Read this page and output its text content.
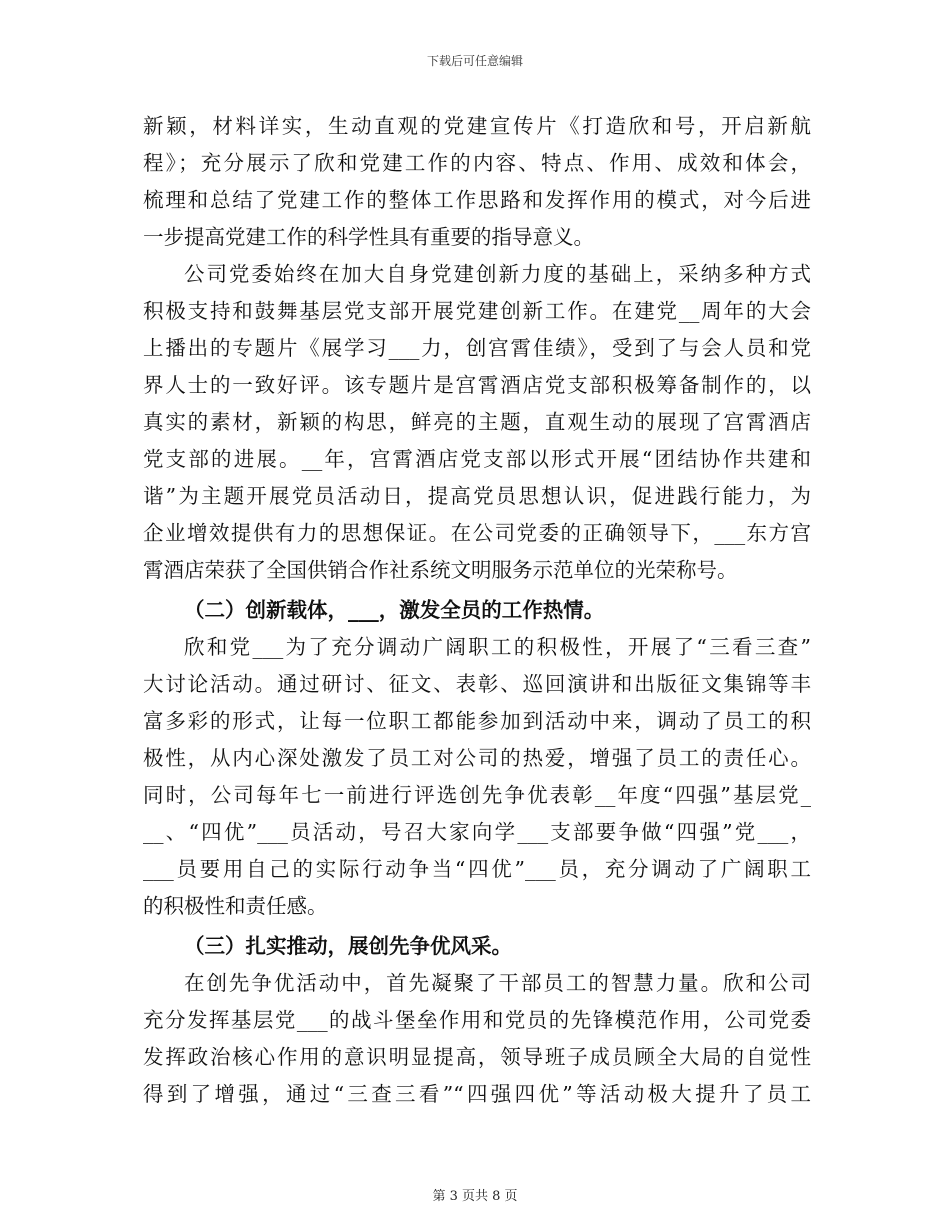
下载后可任意编辑
新颖，材料详实，生动直观的党建宣传片《打造欣和号，开启新航
程》；充分展示了欣和党建工作的内容、特点、作用、成效和体会，
梳理和总结了党建工作的整体工作思路和发挥作用的模式，对今后进
一步提高党建工作的科学性具有重要的指导意义。
公司党委始终在加大自身党建创新力度的基础上，采纳多种方式
积极支持和鼓舞基层党支部开展党建创新工作。在建党__周年的大会
上播出的专题片《展学习___力，创宫霄佳绩》，受到了与会人员和党
界人士的一致好评。该专题片是宫霄酒店党支部积极筹备制作的，以
真实的素材，新颖的构思，鲜亮的主题，直观生动的展现了宫霄酒店
党支部的进展。__年，宫霄酒店党支部以形式开展“团结协作共建和
谐”为主题开展党员活动日，提高党员思想认识，促进践行能力，为
企业增效提供有力的思想保证。在公司党委的正确领导下，___东方宫
霄酒店荣获了全国供销合作社系统文明服务示范单位的光荣称号。
（二）创新载体，___，激发全员的工作热情。
欣和党___为了充分调动广阔职工的积极性，开展了“三看三查”
大讨论活动。通过研讨、征文、表彰、巡回演讲和出版征文集锦等丰
富多彩的形式，让每一位职工都能参加到活动中来，调动了员工的积
极性，从内心深处激发了员工对公司的热爱，增强了员工的责任心。
同时，公司每年七一前进行评选创先争优表彰__年度“四强”基层党_
__、“四优”___员活动，号召大家向学___支部要争做“四强”党___，
___员要用自己的实际行动争当“四优”___员，充分调动了广阔职工
的积极性和责任感。
（三）扎实推动，展创先争优风采。
在创先争优活动中，首先凝聚了干部员工的智慧力量。欣和公司
充分发挥基层党___的战斗堡垒作用和党员的先锋模范作用，公司党委
发挥政治核心作用的意识明显提高，领导班子成员顾全大局的自觉性
得到了增强，通过“三查三看”“四强四优”等活动极大提升了员工
第 3 页共 8 页
